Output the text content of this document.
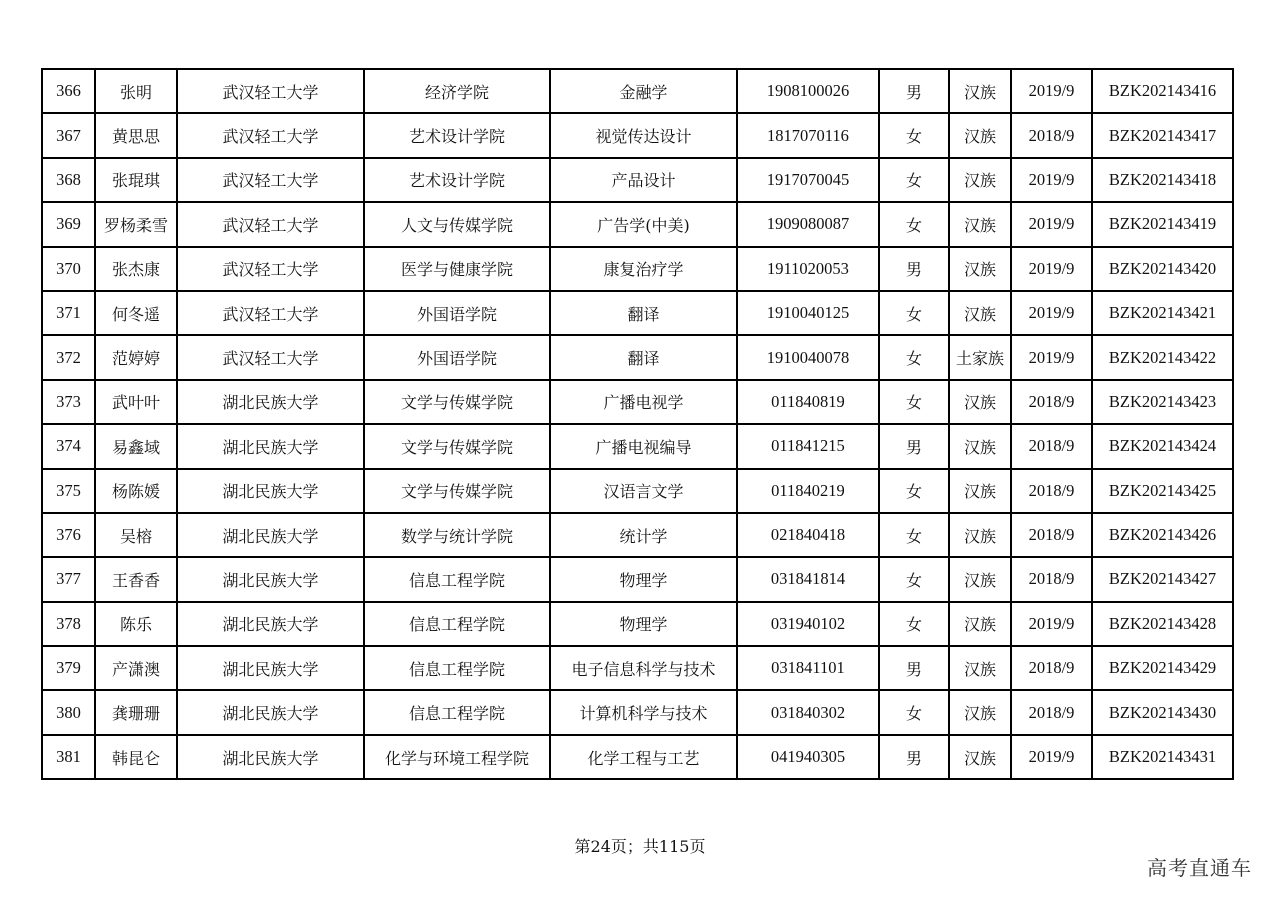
366	张明	武汉轻工大学	经济学院	金融学	1908100026	男	汉族	2019/9	BZK202143416
367	黄思思	武汉轻工大学	艺术设计学院	视觉传达设计	1817070116	女	汉族	2018/9	BZK202143417
368	张琨琪	武汉轻工大学	艺术设计学院	产品设计	1917070045	女	汉族	2019/9	BZK202143418
369	罗杨柔雪	武汉轻工大学	人文与传媒学院	广告学(中美)	1909080087	女	汉族	2019/9	BZK202143419
370	张杰康	武汉轻工大学	医学与健康学院	康复治疗学	1911020053	男	汉族	2019/9	BZK202143420
371	何冬遥	武汉轻工大学	外国语学院	翻译	1910040125	女	汉族	2019/9	BZK202143421
372	范婷婷	武汉轻工大学	外国语学院	翻译	1910040078	女	土家族	2019/9	BZK202143422
373	武叶叶	湖北民族大学	文学与传媒学院	广播电视学	011840819	女	汉族	2018/9	BZK202143423
374	易鑫域	湖北民族大学	文学与传媒学院	广播电视编导	011841215	男	汉族	2018/9	BZK202143424
375	杨陈媛	湖北民族大学	文学与传媒学院	汉语言文学	011840219	女	汉族	2018/9	BZK202143425
376	吴榕	湖北民族大学	数学与统计学院	统计学	021840418	女	汉族	2018/9	BZK202143426
377	王香香	湖北民族大学	信息工程学院	物理学	031841814	女	汉族	2018/9	BZK202143427
378	陈乐	湖北民族大学	信息工程学院	物理学	031940102	女	汉族	2019/9	BZK202143428
379	产潇澳	湖北民族大学	信息工程学院	电子信息科学与技术	031841101	男	汉族	2018/9	BZK202143429
380	龚珊珊	湖北民族大学	信息工程学院	计算机科学与技术	031840302	女	汉族	2018/9	BZK202143430
381	韩昆仑	湖北民族大学	化学与环境工程学院	化学工程与工艺	041940305	男	汉族	2019/9	BZK202143431
第24页；共115页
高考直通车
